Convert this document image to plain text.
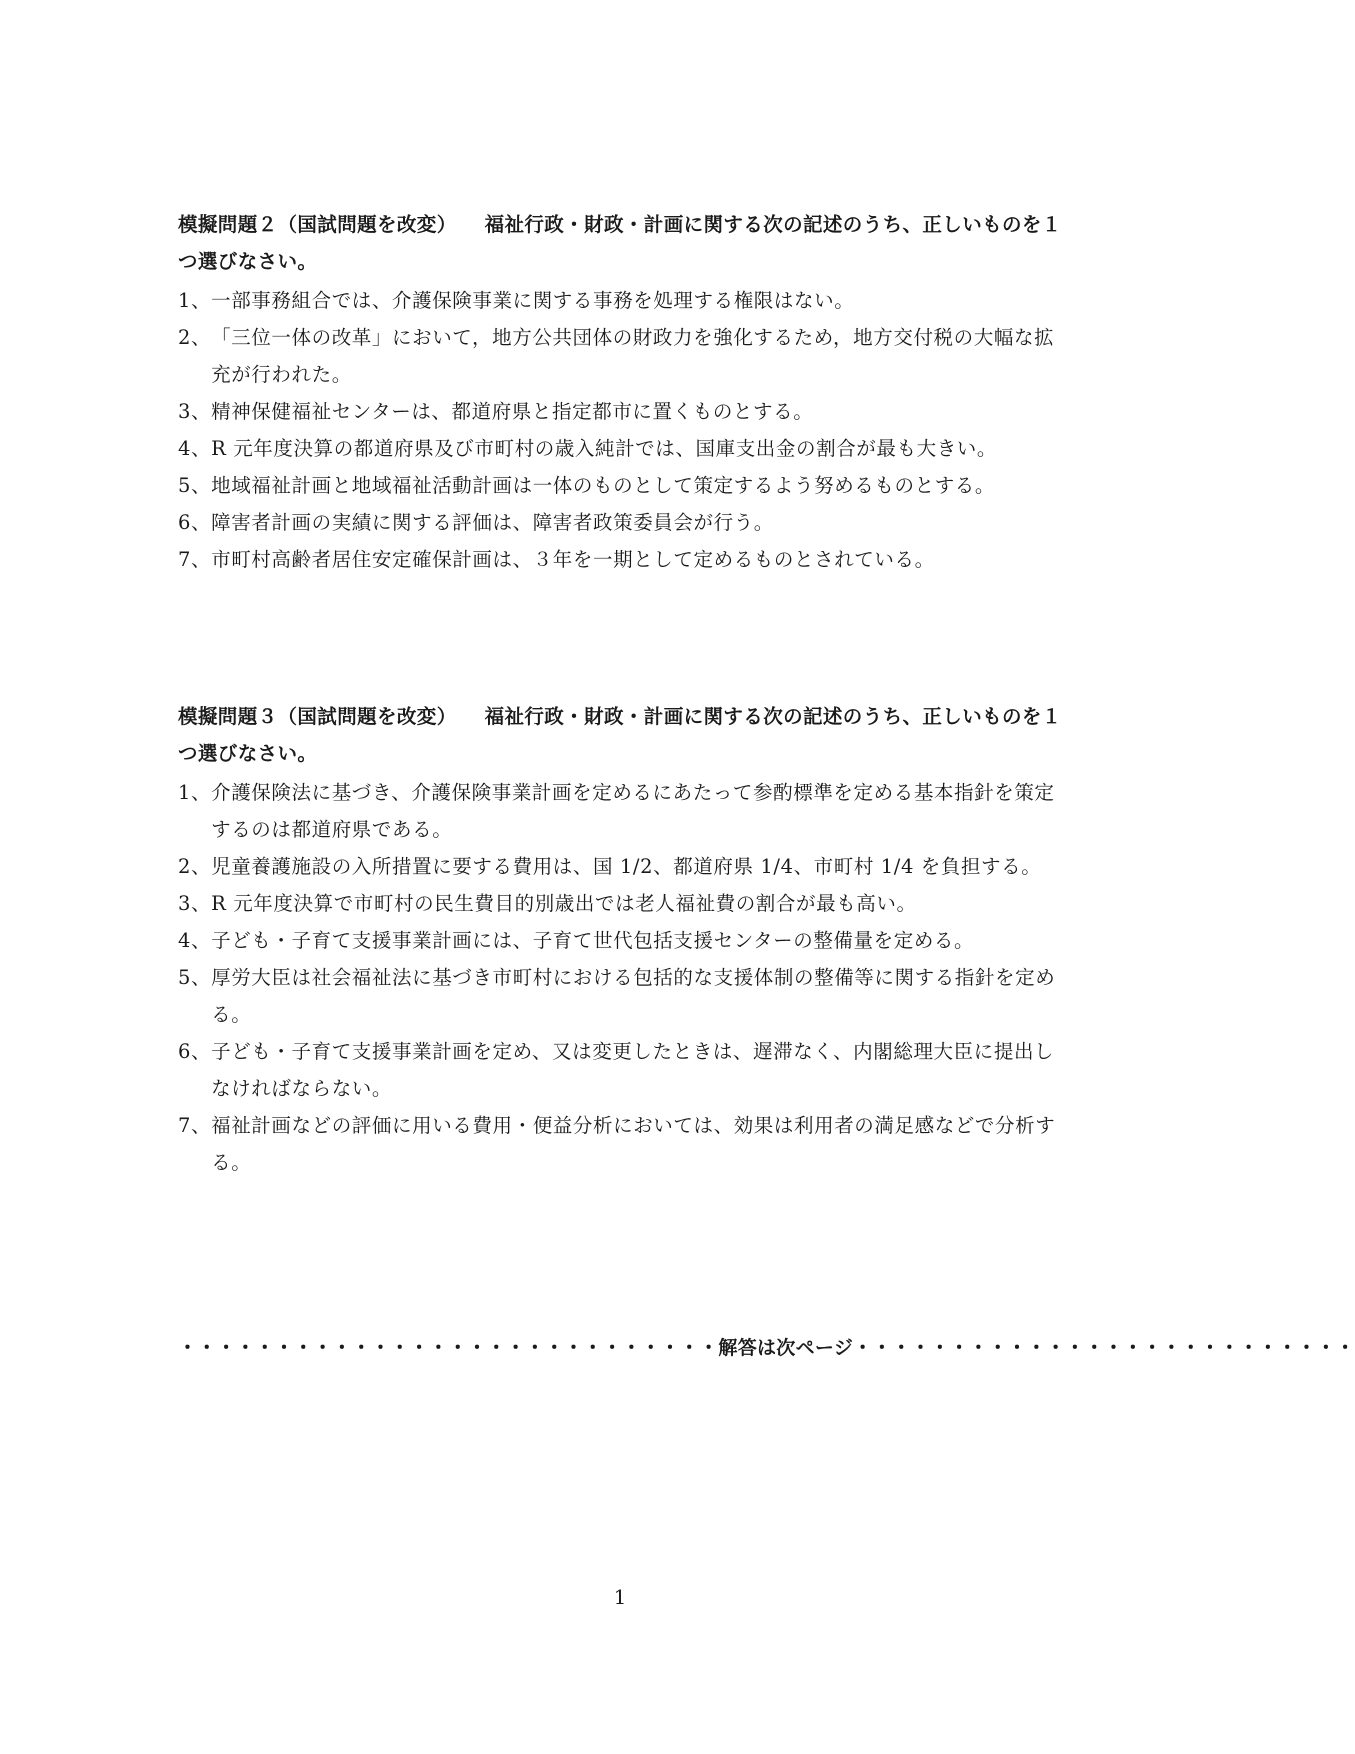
模擬問題２（国試問題を改変） 福祉行政・財政・計画に関する次の記述のうち、正しいものを１つ選びなさい。

1、 一部事務組合では、介護保険事業に関する事務を処理する権限はない。
2、 「三位一体の改革」において，地方公共団体の財政力を強化するため，地方交付税の大幅な拡充が行われた。
3、 精神保健福祉センターは、都道府県と指定都市に置くものとする。
4、 R 元年度決算の都道府県及び市町村の歳入純計では、国庫支出金の割合が最も大きい。
5、 地域福祉計画と地域福祉活動計画は一体のものとして策定するよう努めるものとする。
6、 障害者計画の実績に関する評価は、障害者政策委員会が行う。
7、 市町村高齢者居住安定確保計画は、３年を一期として定めるものとされている。

模擬問題３（国試問題を改変） 福祉行政・財政・計画に関する次の記述のうち、正しいものを１つ選びなさい。

1、 介護保険法に基づき、介護保険事業計画を定めるにあたって参酌標準を定める基本指針を策定するのは都道府県である。
2、 児童養護施設の入所措置に要する費用は、国 1/2、都道府県 1/4、市町村 1/4 を負担する。
3、 R 元年度決算で市町村の民生費目的別歳出では老人福祉費の割合が最も高い。
4、 子ども・子育て支援事業計画には、子育て世代包括支援センターの整備量を定める。
5、 厚労大臣は社会福祉法に基づき市町村における包括的な支援体制の整備等に関する指針を定める。
6、 子ども・子育て支援事業計画を定め、又は変更したときは、遅滞なく、内閣総理大臣に提出しなければならない。
7、 福祉計画などの評価に用いる費用・便益分析においては、効果は利用者の満足感などで分析する。
・・・・・・・・・・・・・・・・・・・・・・・・・・・・解答は次ページ・・・・・・・・・・・・・・・・・・・・・・・・・・
1
